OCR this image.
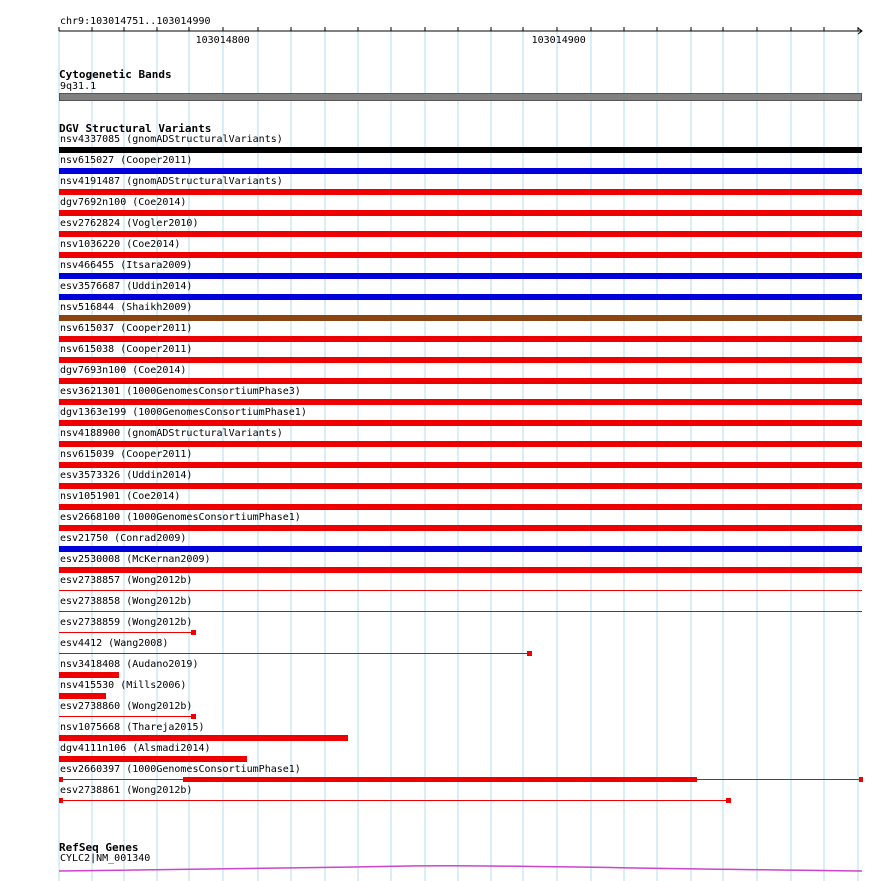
chr9:103014751..103014990
103014800	103014900
Cytogenetic Bands
9q31.1
DGV Structural Variants
nsv4337085 (gnomADStructuralVariants)
nsv615027 (Cooper2011)
nsv4191487 (gnomADStructuralVariants)
dgv7692n100 (Coe2014)
esv2762824 (Vogler2010)
nsv1036220 (Coe2014)
nsv466455 (Itsara2009)
esv3576687 (Uddin2014)
nsv516844 (Shaikh2009)
nsv615037 (Cooper2011)
nsv615038 (Cooper2011)
dgv7693n100 (Coe2014)
esv3621301 (1000GenomesConsortiumPhase3)
dgv1363e199 (1000GenomesConsortiumPhase1)
nsv4188900 (gnomADStructuralVariants)
nsv615039 (Cooper2011)
esv3573326 (Uddin2014)
nsv1051901 (Coe2014)
esv2668100 (1000GenomesConsortiumPhase1)
esv21750 (Conrad2009)
esv2530008 (McKernan2009)
esv2738857 (Wong2012b)
esv2738858 (Wong2012b)
esv2738859 (Wong2012b)
esv4412 (Wang2008)
nsv3418408 (Audano2019)
nsv415530 (Mills2006)
esv2738860 (Wong2012b)
nsv1075668 (Thareja2015)
dgv4111n106 (Alsmadi2014)
esv2660397 (1000GenomesConsortiumPhase1)
esv2738861 (Wong2012b)
RefSeq Genes
CYLC2|NM_001340
